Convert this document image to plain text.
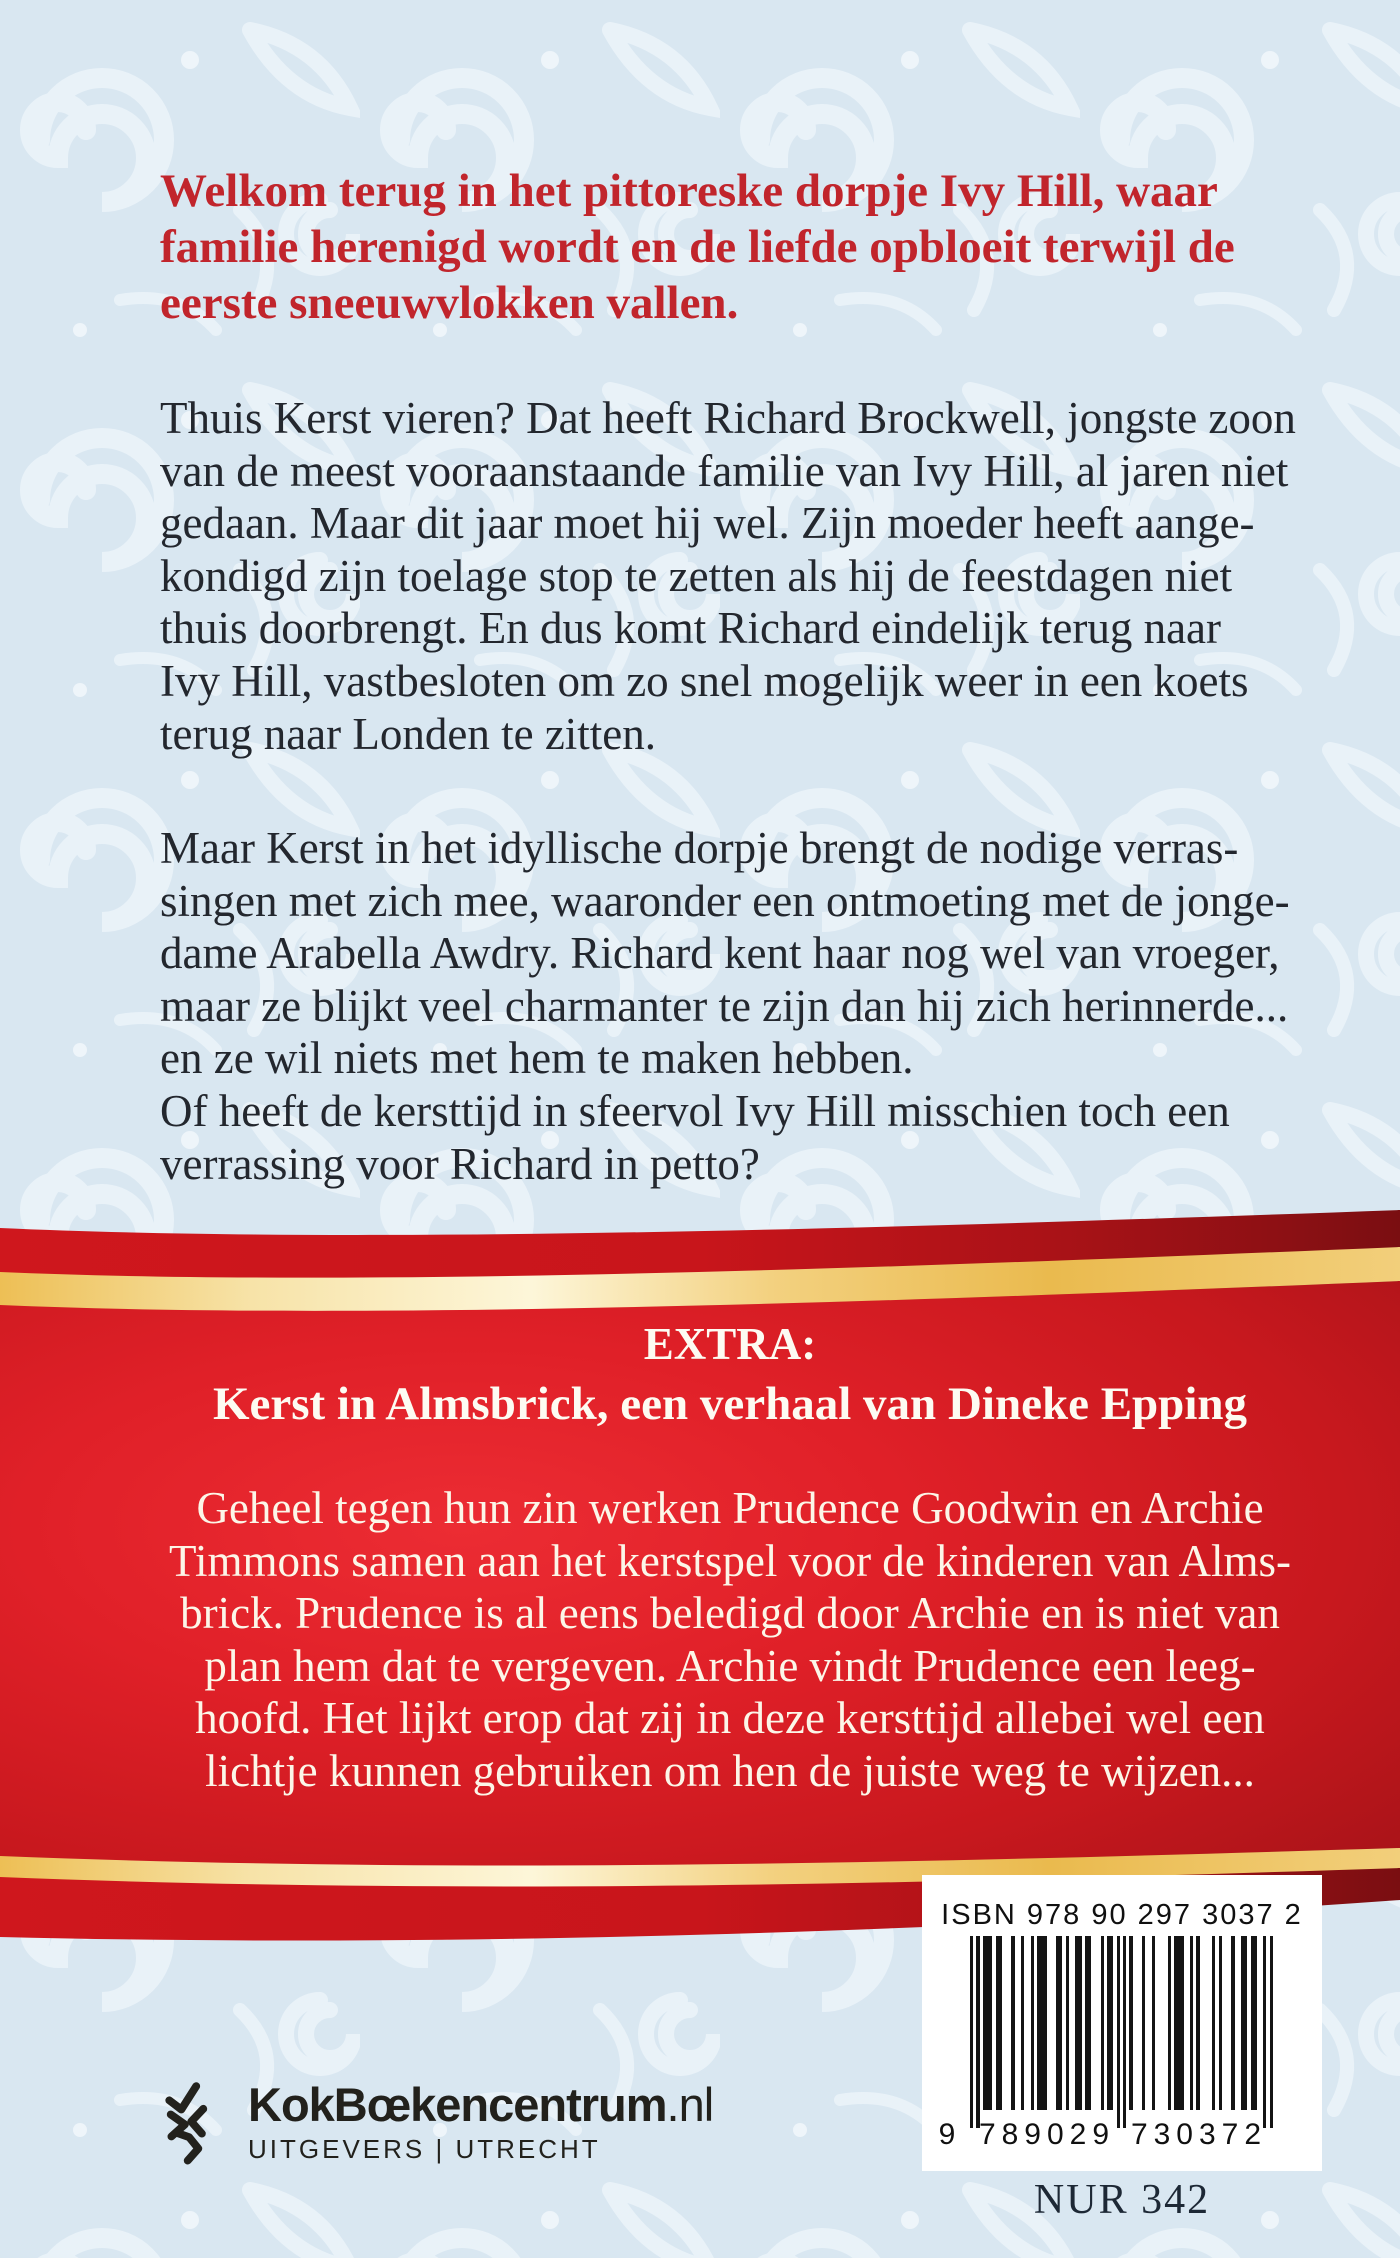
Welkom terug in het pittoreske dorpje Ivy Hill, waar
familie herenigd wordt en de liefde opbloeit terwijl de
eerste sneeuwvlokken vallen.
Thuis Kerst vieren? Dat heeft Richard Brockwell, jongste zoon
van de meest vooraanstaande familie van Ivy Hill, al jaren niet
gedaan. Maar dit jaar moet hij wel. Zijn moeder heeft aange-
kondigd zijn toelage stop te zetten als hij de feestdagen niet
thuis doorbrengt. En dus komt Richard eindelijk terug naar
Ivy Hill, vastbesloten om zo snel mogelijk weer in een koets
terug naar Londen te zitten.
Maar Kerst in het idyllische dorpje brengt de nodige verras-
singen met zich mee, waaronder een ontmoeting met de jonge-
dame Arabella Awdry. Richard kent haar nog wel van vroeger,
maar ze blijkt veel charmanter te zijn dan hij zich herinnerde...
en ze wil niets met hem te maken hebben.
Of heeft de kersttijd in sfeervol Ivy Hill misschien toch een
verrassing voor Richard in petto?
EXTRA:
Kerst in Almsbrick, een verhaal van Dineke Epping
Geheel tegen hun zin werken Prudence Goodwin en Archie
Timmons samen aan het kerstspel voor de kinderen van Alms-
brick. Prudence is al eens beledigd door Archie en is niet van
plan hem dat te vergeven. Archie vindt Prudence een leeg-
hoofd. Het lijkt erop dat zij in deze kersttijd allebei wel een
lichtje kunnen gebruiken om hen de juiste weg te wijzen...
ISBN 978 90 297 3037 2
9 789029 730372
KokBœkencentrum.nl
UITGEVERS | UTRECHT
NUR 342
